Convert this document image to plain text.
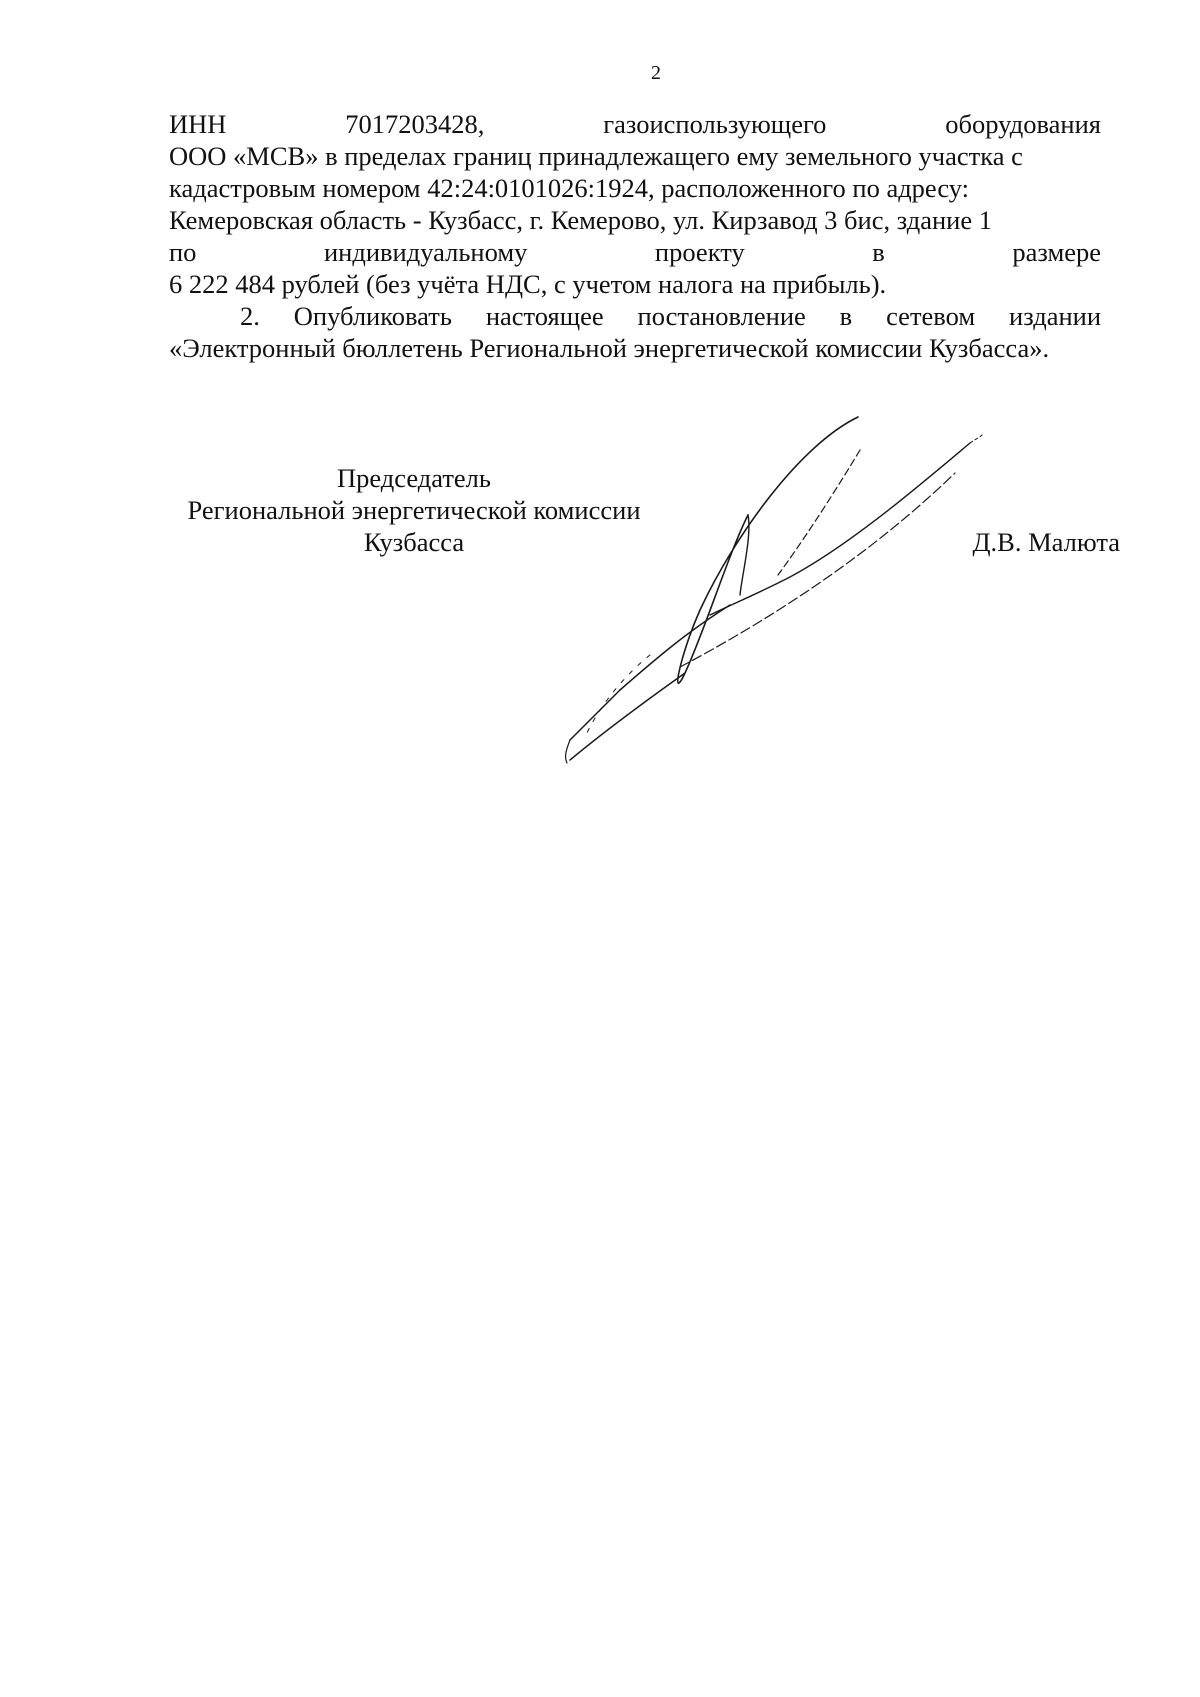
2
ИНН	7017203428,	газоиспользующего	оборудования
ООО «МСВ» в пределах границ принадлежащего ему земельного участка с
кадастровым номером 42:24:0101026:1924, расположенного по адресу:
Кемеровская область - Кузбасс, г. Кемерово, ул. Кирзавод 3 бис, здание 1
по	индивидуальному	проекту	в	размере
6 222 484 рублей (без учёта НДС, с учетом налога на прибыль).

2. Опубликовать настоящее постановление в сетевом издании «Электронный бюллетень Региональной энергетической комиссии Кузбасса».

Председатель
Региональной энергетической комиссии
Кузбасса	Д.В. Малюта
